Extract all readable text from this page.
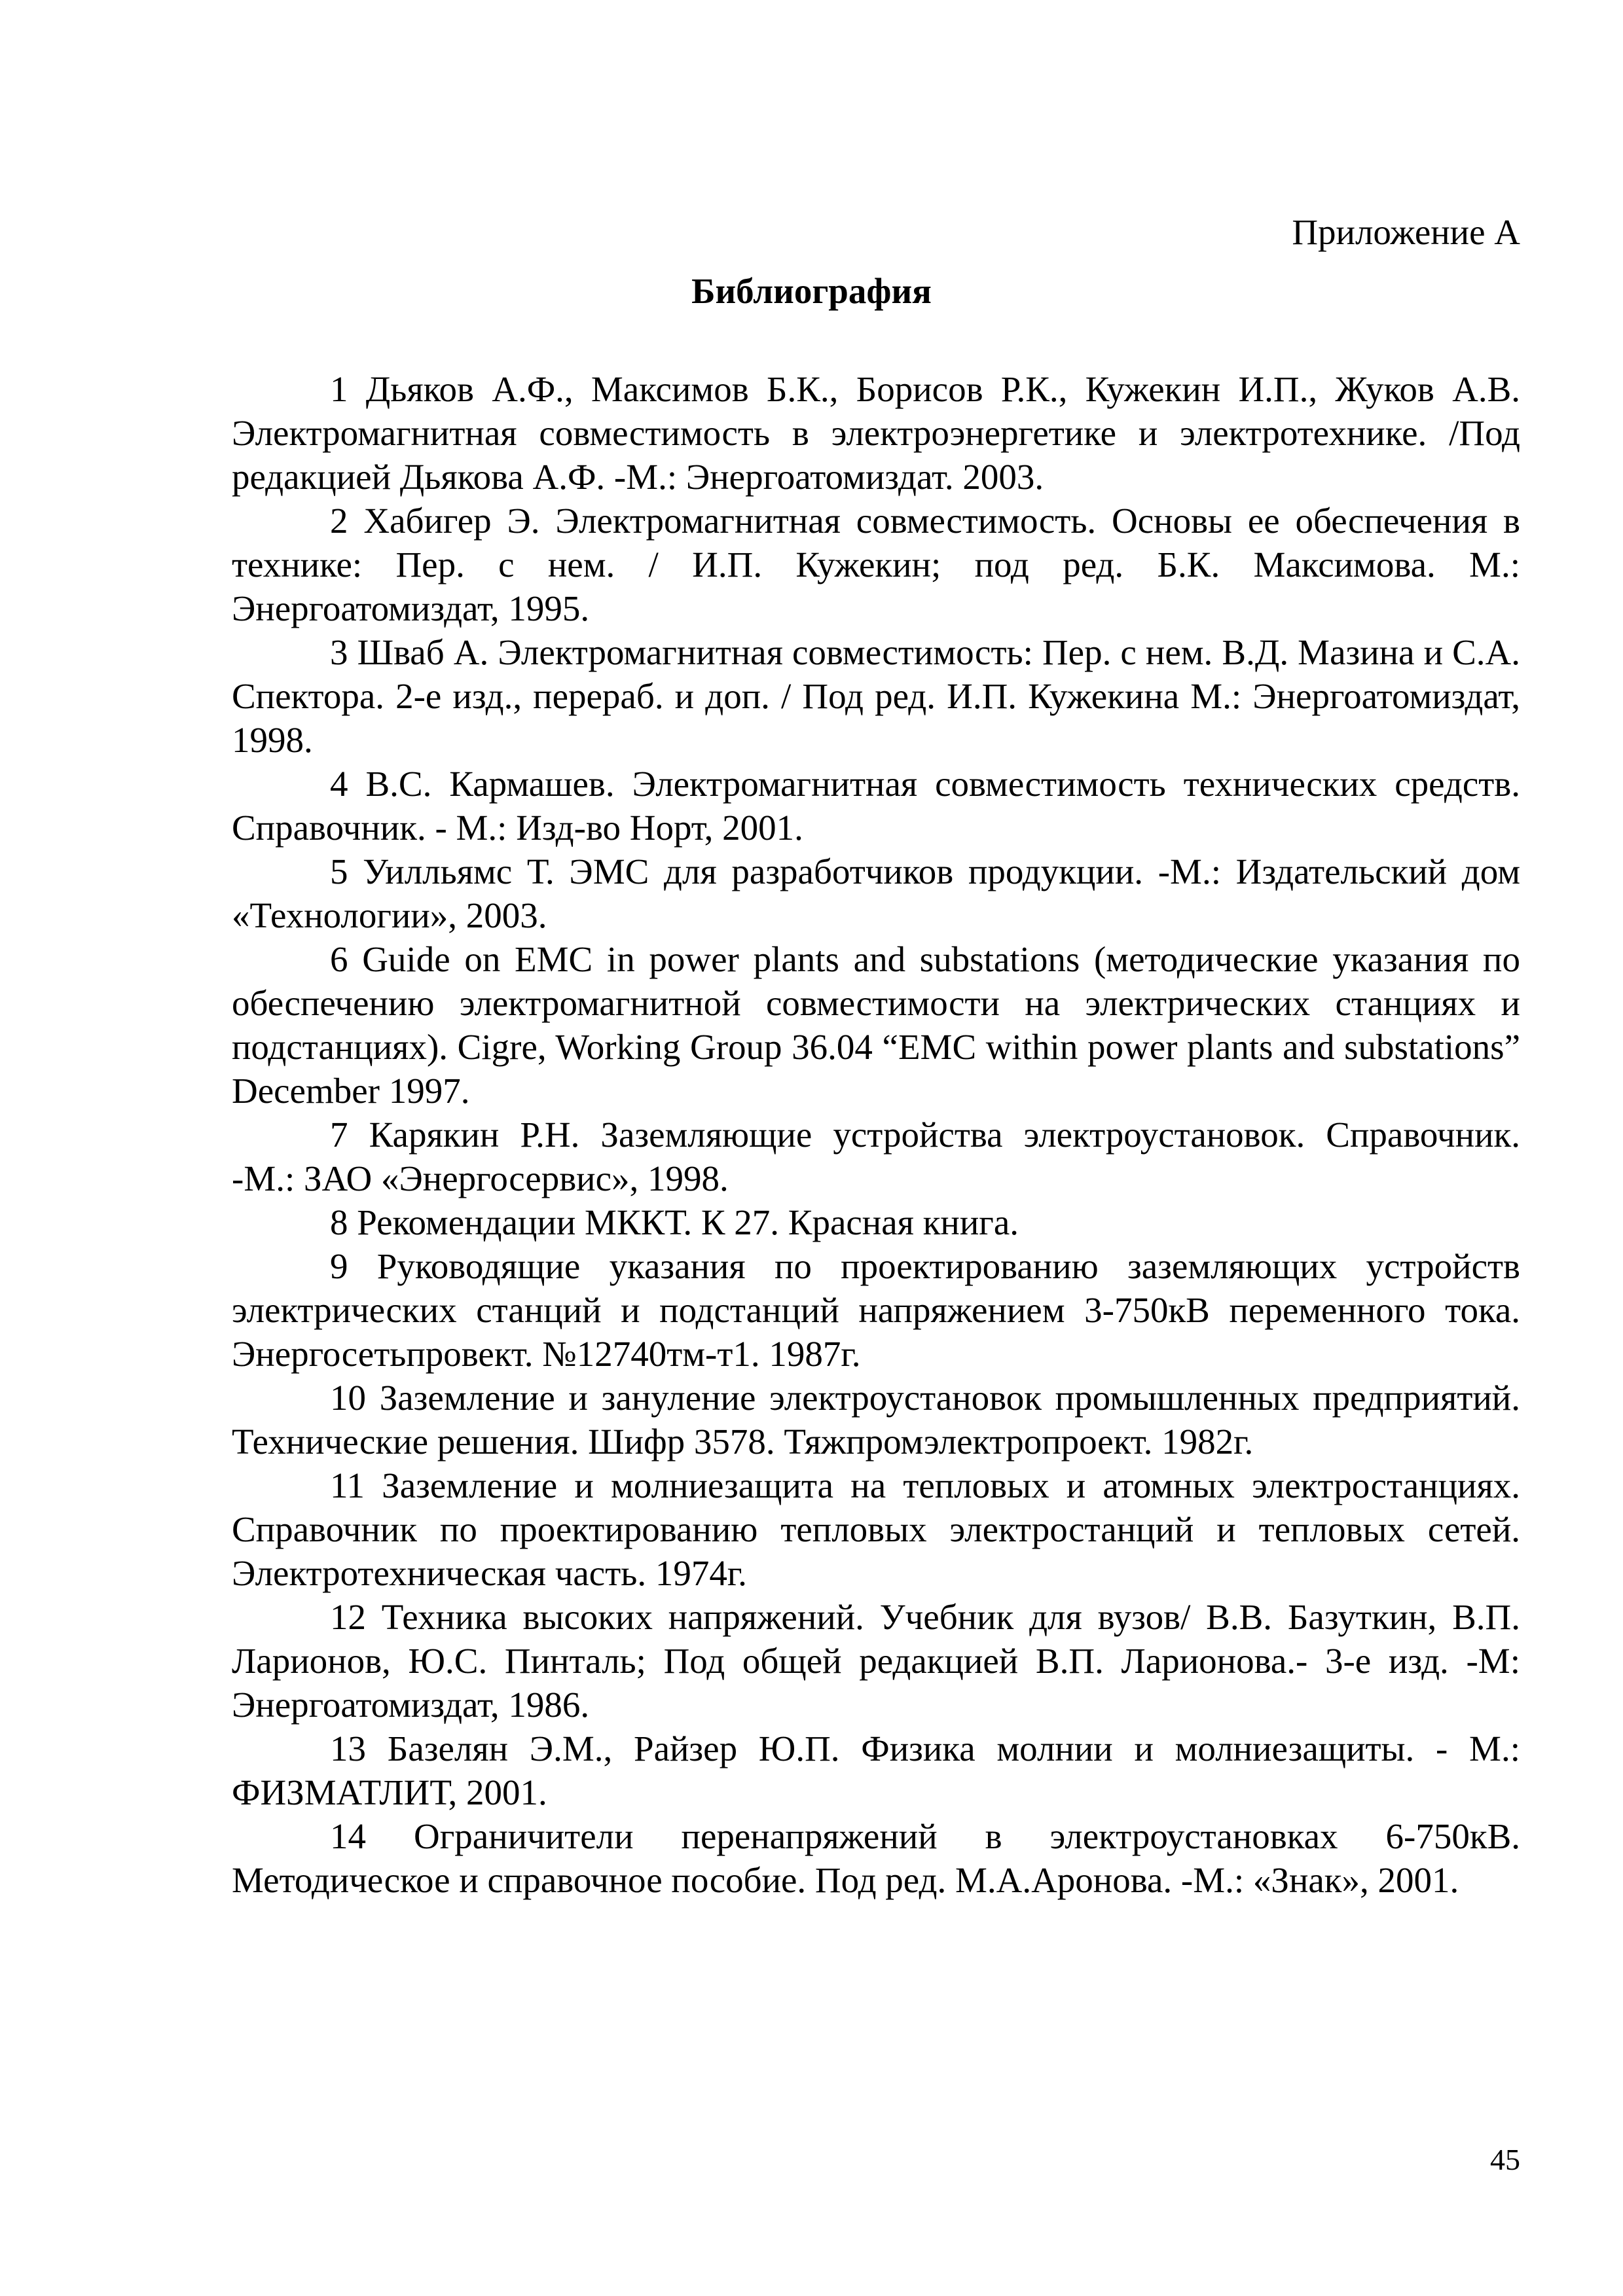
Приложение А

Библиография
1 Дьяков А.Ф., Максимов Б.К., Борисов Р.К., Кужекин И.П., Жуков А.В. Электромагнитная совместимость в электроэнергетике и электротехнике. /Под редакцией Дьякова А.Ф. -М.: Энергоатомиздат. 2003.
2 Хабигер Э. Электромагнитная совместимость. Основы ее обеспечения в технике: Пер. с нем. / И.П. Кужекин; под ред. Б.К. Максимова. М.: Энергоатомиздат, 1995.
3 Шваб А. Электромагнитная совместимость: Пер. с нем. В.Д. Мазина и С.А. Спектора. 2-е изд., перераб. и доп. / Под ред. И.П. Кужекина М.: Энергоатомиздат, 1998.
4 В.С. Кармашев. Электромагнитная совместимость технических средств. Справочник. - М.: Изд-во Норт, 2001.
5 Уилльямс Т. ЭМС для разработчиков продукции. -М.: Издательский дом «Технологии», 2003.
6 Guide on EMC in power plants and substations (методические указания по обеспечению электромагнитной совместимости на электрических станциях и подстанциях). Cigre, Working Group 36.04 “EMC within power plants and substations” December 1997.
7 Карякин Р.Н. Заземляющие устройства электроустановок. Справочник. -М.: ЗАО «Энергосервис», 1998.
8 Рекомендации МККТ. К 27. Красная книга.
9 Руководящие указания по проектированию заземляющих устройств электрических станций и подстанций напряжением 3-750кВ переменного тока. Энергосетьпровект. №12740тм-т1. 1987г.
10 Заземление и зануление электроустановок промышленных предприятий. Технические решения. Шифр 3578. Тяжпромэлектропроект. 1982г.
11 Заземление и молниезащита на тепловых и атомных электростанциях. Справочник по проектированию тепловых электростанций и тепловых сетей. Электротехническая часть. 1974г.
12 Техника высоких напряжений. Учебник для вузов/ В.В. Базуткин, В.П. Ларионов, Ю.С. Пинталь; Под общей редакцией В.П. Ларионова.- 3-е изд. -М: Энергоатомиздат, 1986.
13 Базелян Э.М., Райзер Ю.П. Физика молнии и молниезащиты. - М.: ФИЗМАТЛИТ, 2001.
14 Ограничители перенапряжений в электроустановках 6-750кВ. Методическое и справочное пособие. Под ред. М.А.Аронова. -М.: «Знак», 2001.

45
